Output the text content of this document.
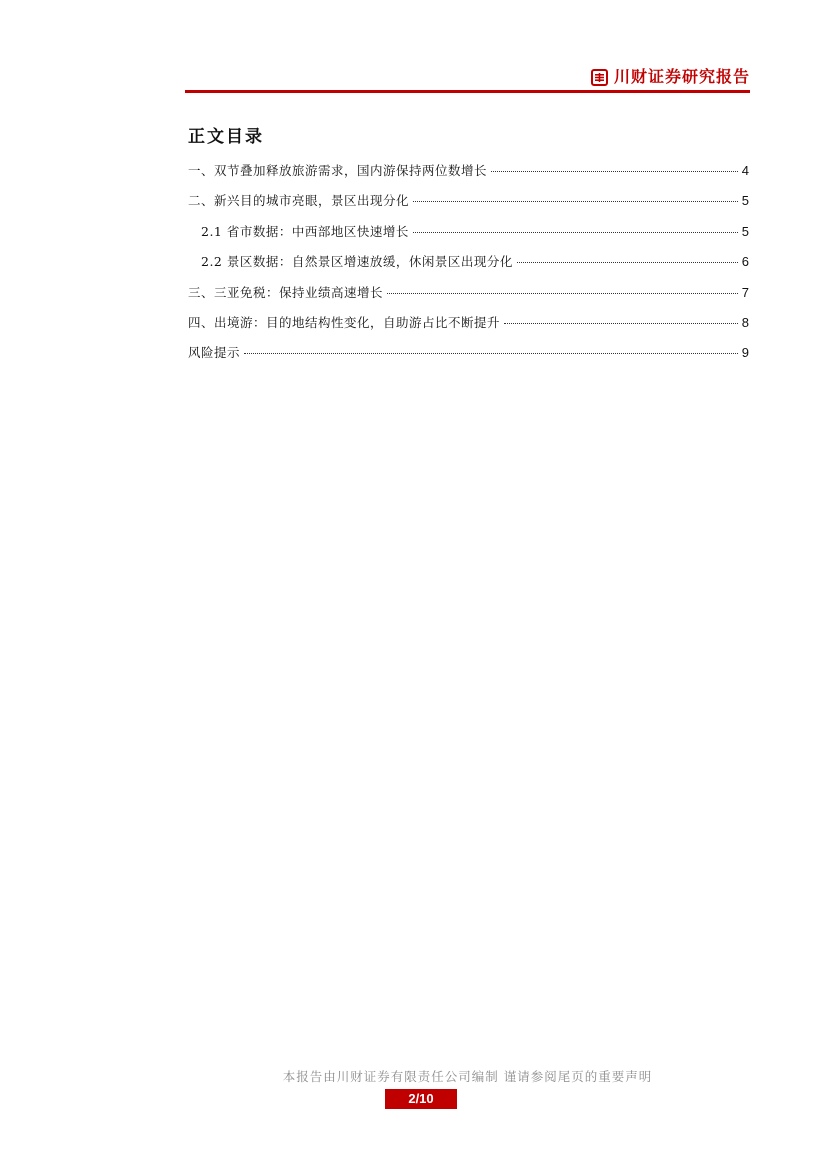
川财证券研究报告
正文目录
一、双节叠加释放旅游需求，国内游保持两位数增长	4
二、新兴目的城市亮眼，景区出现分化	5
2.1 省市数据：中西部地区快速增长	5
2.2 景区数据：自然景区增速放缓，休闲景区出现分化	6
三、三亚免税：保持业绩高速增长	7
四、出境游：目的地结构性变化，自助游占比不断提升	8
风险提示	9
本报告由川财证券有限责任公司编制 谨请参阅尾页的重要声明
2/10
